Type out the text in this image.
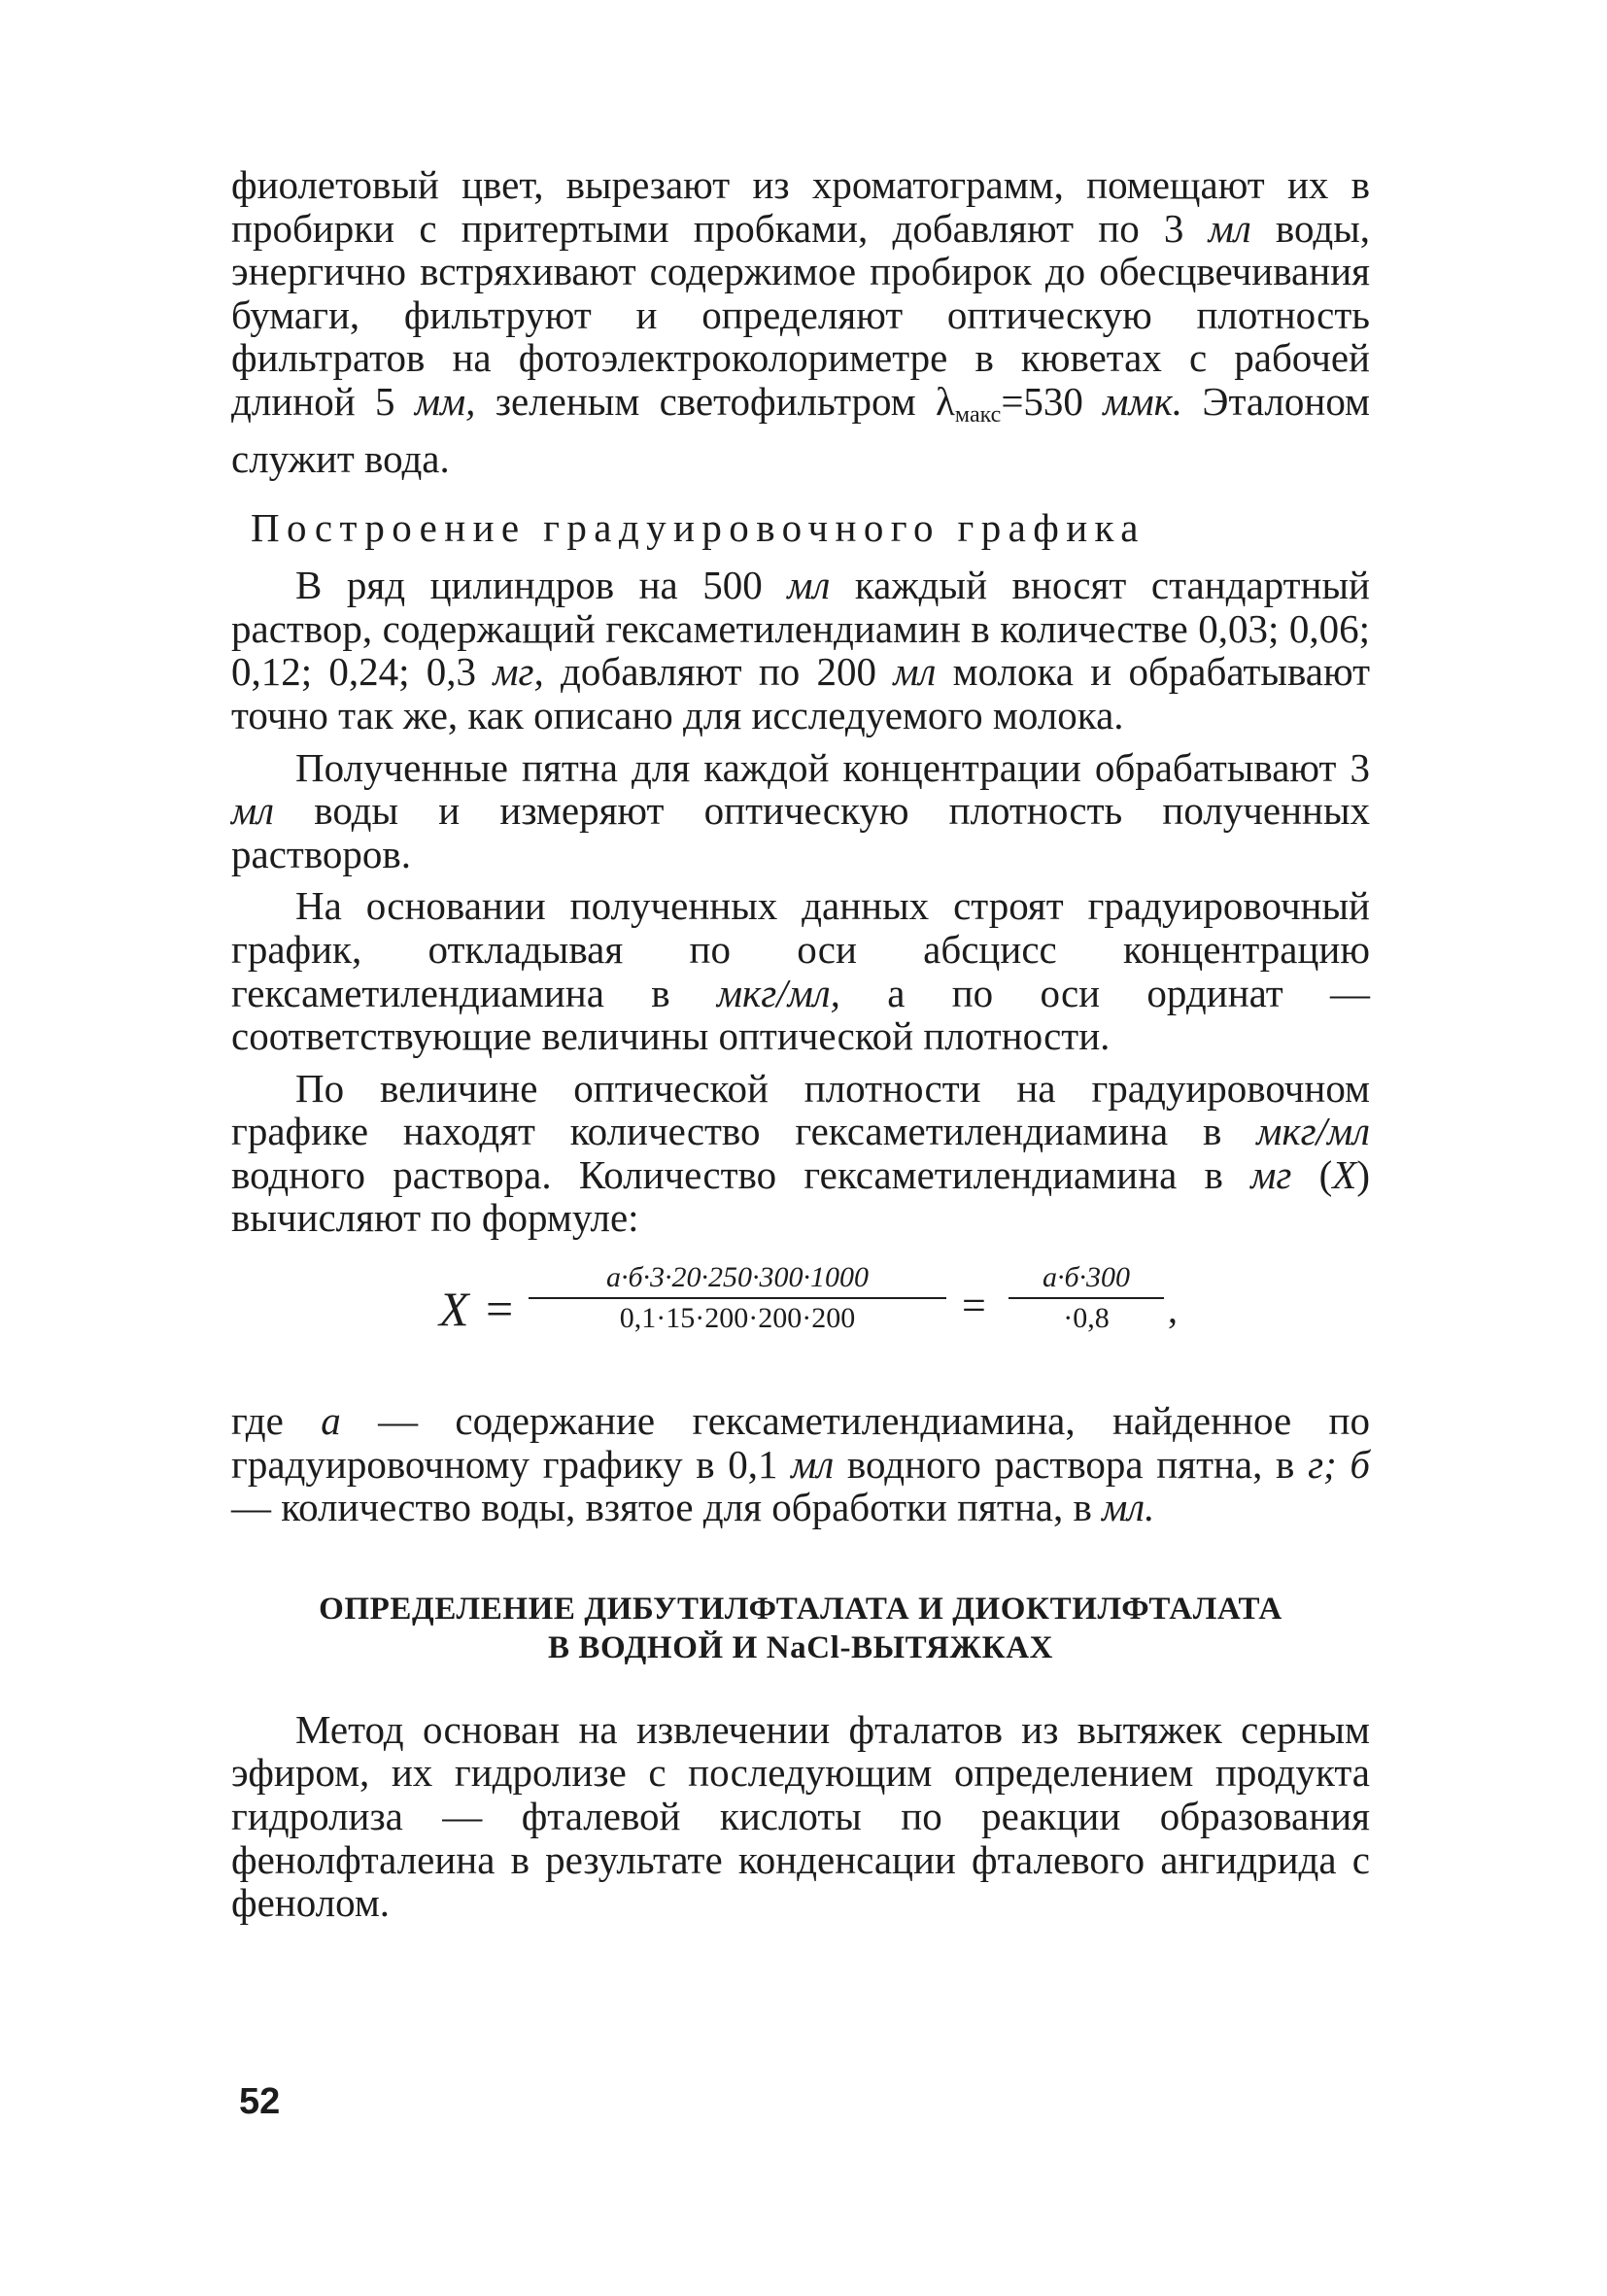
фиолетовый цвет, вырезают из хроматограмм, помещают их в пробирки с притертыми пробками, добавляют по 3 мл воды, энергично встряхивают содержимое пробирок до обесцвечивания бумаги, фильтруют и определяют оптическую плотность фильтратов на фотоэлектроколориметре в кюветах с рабочей длиной 5 мм, зеленым светофильтром $\lambda_{макс}=530$ ммк. Эталоном служит вода.

Построение градуировочного графика

В ряд цилиндров на 500 мл каждый вносят стандартный раствор, содержащий гексаметилендиамин в количестве 0,03; 0,06; 0,12; 0,24; 0,3 мг, добавляют по 200 мл молока и обрабатывают точно так же, как описано для исследуемого молока.

Полученные пятна для каждой концентрации обрабатывают 3 мл воды и измеряют оптическую плотность полученных растворов.

На основании полученных данных строят градуировочный график, откладывая по оси абсцисс концентрацию гексаметилендиамина в мкг/мл, а по оси ординат — соответствующие величины оптической плотности.

По величине оптической плотности на градуировочном графике находят количество гексаметилендиамина в мкг/мл водного раствора. Количество гексаметилендиамина в мг (X) вычисляют по формуле:

X =
а·б·3·20·250·300·1000
0,1·15·200·200·200	=
а·б·300
·0,8	,

где а — содержание гексаметилендиамина, найденное по градуировочному графику в 0,1 мл водного раствора пятна, в г; б — количество воды, взятое для обработки пятна, в мл.

ОПРЕДЕЛЕНИЕ ДИБУТИЛФТАЛАТА И ДИОКТИЛФТАЛАТА
В ВОДНОЙ И NaCl-ВЫТЯЖКАХ

Метод основан на извлечении фталатов из вытяжек серным эфиром, их гидролизе с последующим определением продукта гидролиза — фталевой кислоты по реакции образования фенолфталеина в результате конденсации фталевого ангидрида с фенолом.

52
